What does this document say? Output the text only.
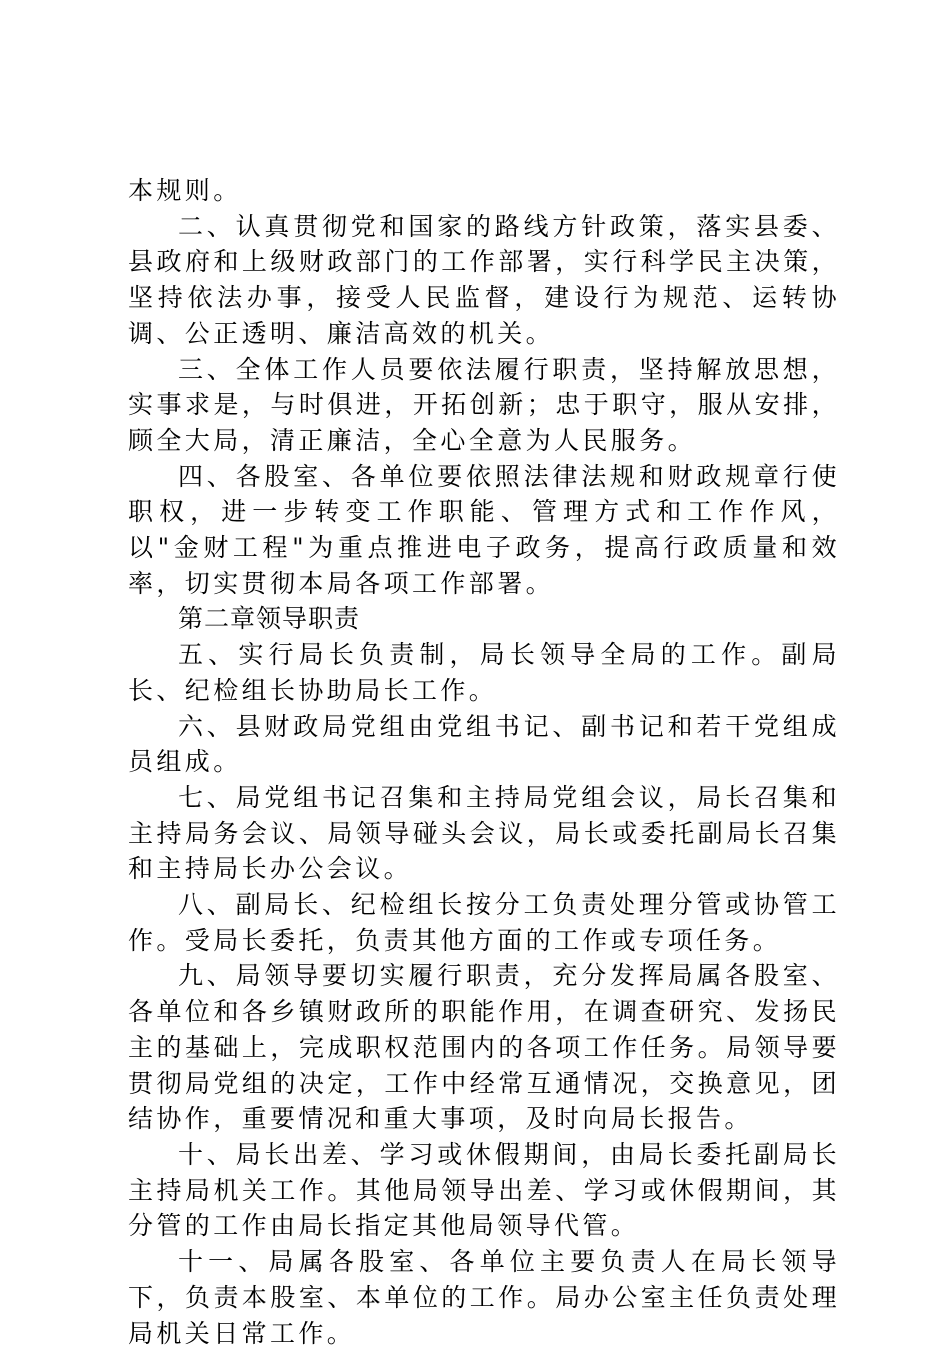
本规则。

二、认真贯彻党和国家的路线方针政策，落实县委、县政府和上级财政部门的工作部署，实行科学民主决策，坚持依法办事，接受人民监督，建设行为规范、运转协调、公正透明、廉洁高效的机关。

三、全体工作人员要依法履行职责，坚持解放思想，实事求是，与时俱进，开拓创新；忠于职守，服从安排，顾全大局，清正廉洁，全心全意为人民服务。

四、各股室、各单位要依照法律法规和财政规章行使职权，进一步转变工作职能、管理方式和工作作风，以"金财工程"为重点推进电子政务，提高行政质量和效率，切实贯彻本局各项工作部署。

第二章领导职责

五、实行局长负责制，局长领导全局的工作。副局长、纪检组长协助局长工作。

六、县财政局党组由党组书记、副书记和若干党组成员组成。

七、局党组书记召集和主持局党组会议，局长召集和主持局务会议、局领导碰头会议，局长或委托副局长召集和主持局长办公会议。

八、副局长、纪检组长按分工负责处理分管或协管工作。受局长委托，负责其他方面的工作或专项任务。

九、局领导要切实履行职责，充分发挥局属各股室、各单位和各乡镇财政所的职能作用，在调查研究、发扬民主的基础上，完成职权范围内的各项工作任务。局领导要贯彻局党组的决定，工作中经常互通情况，交换意见，团结协作，重要情况和重大事项，及时向局长报告。

十、局长出差、学习或休假期间，由局长委托副局长主持局机关工作。其他局领导出差、学习或休假期间，其分管的工作由局长指定其他局领导代管。

十一、局属各股室、各单位主要负责人在局长领导下，负责本股室、本单位的工作。局办公室主任负责处理局机关日常工作。
